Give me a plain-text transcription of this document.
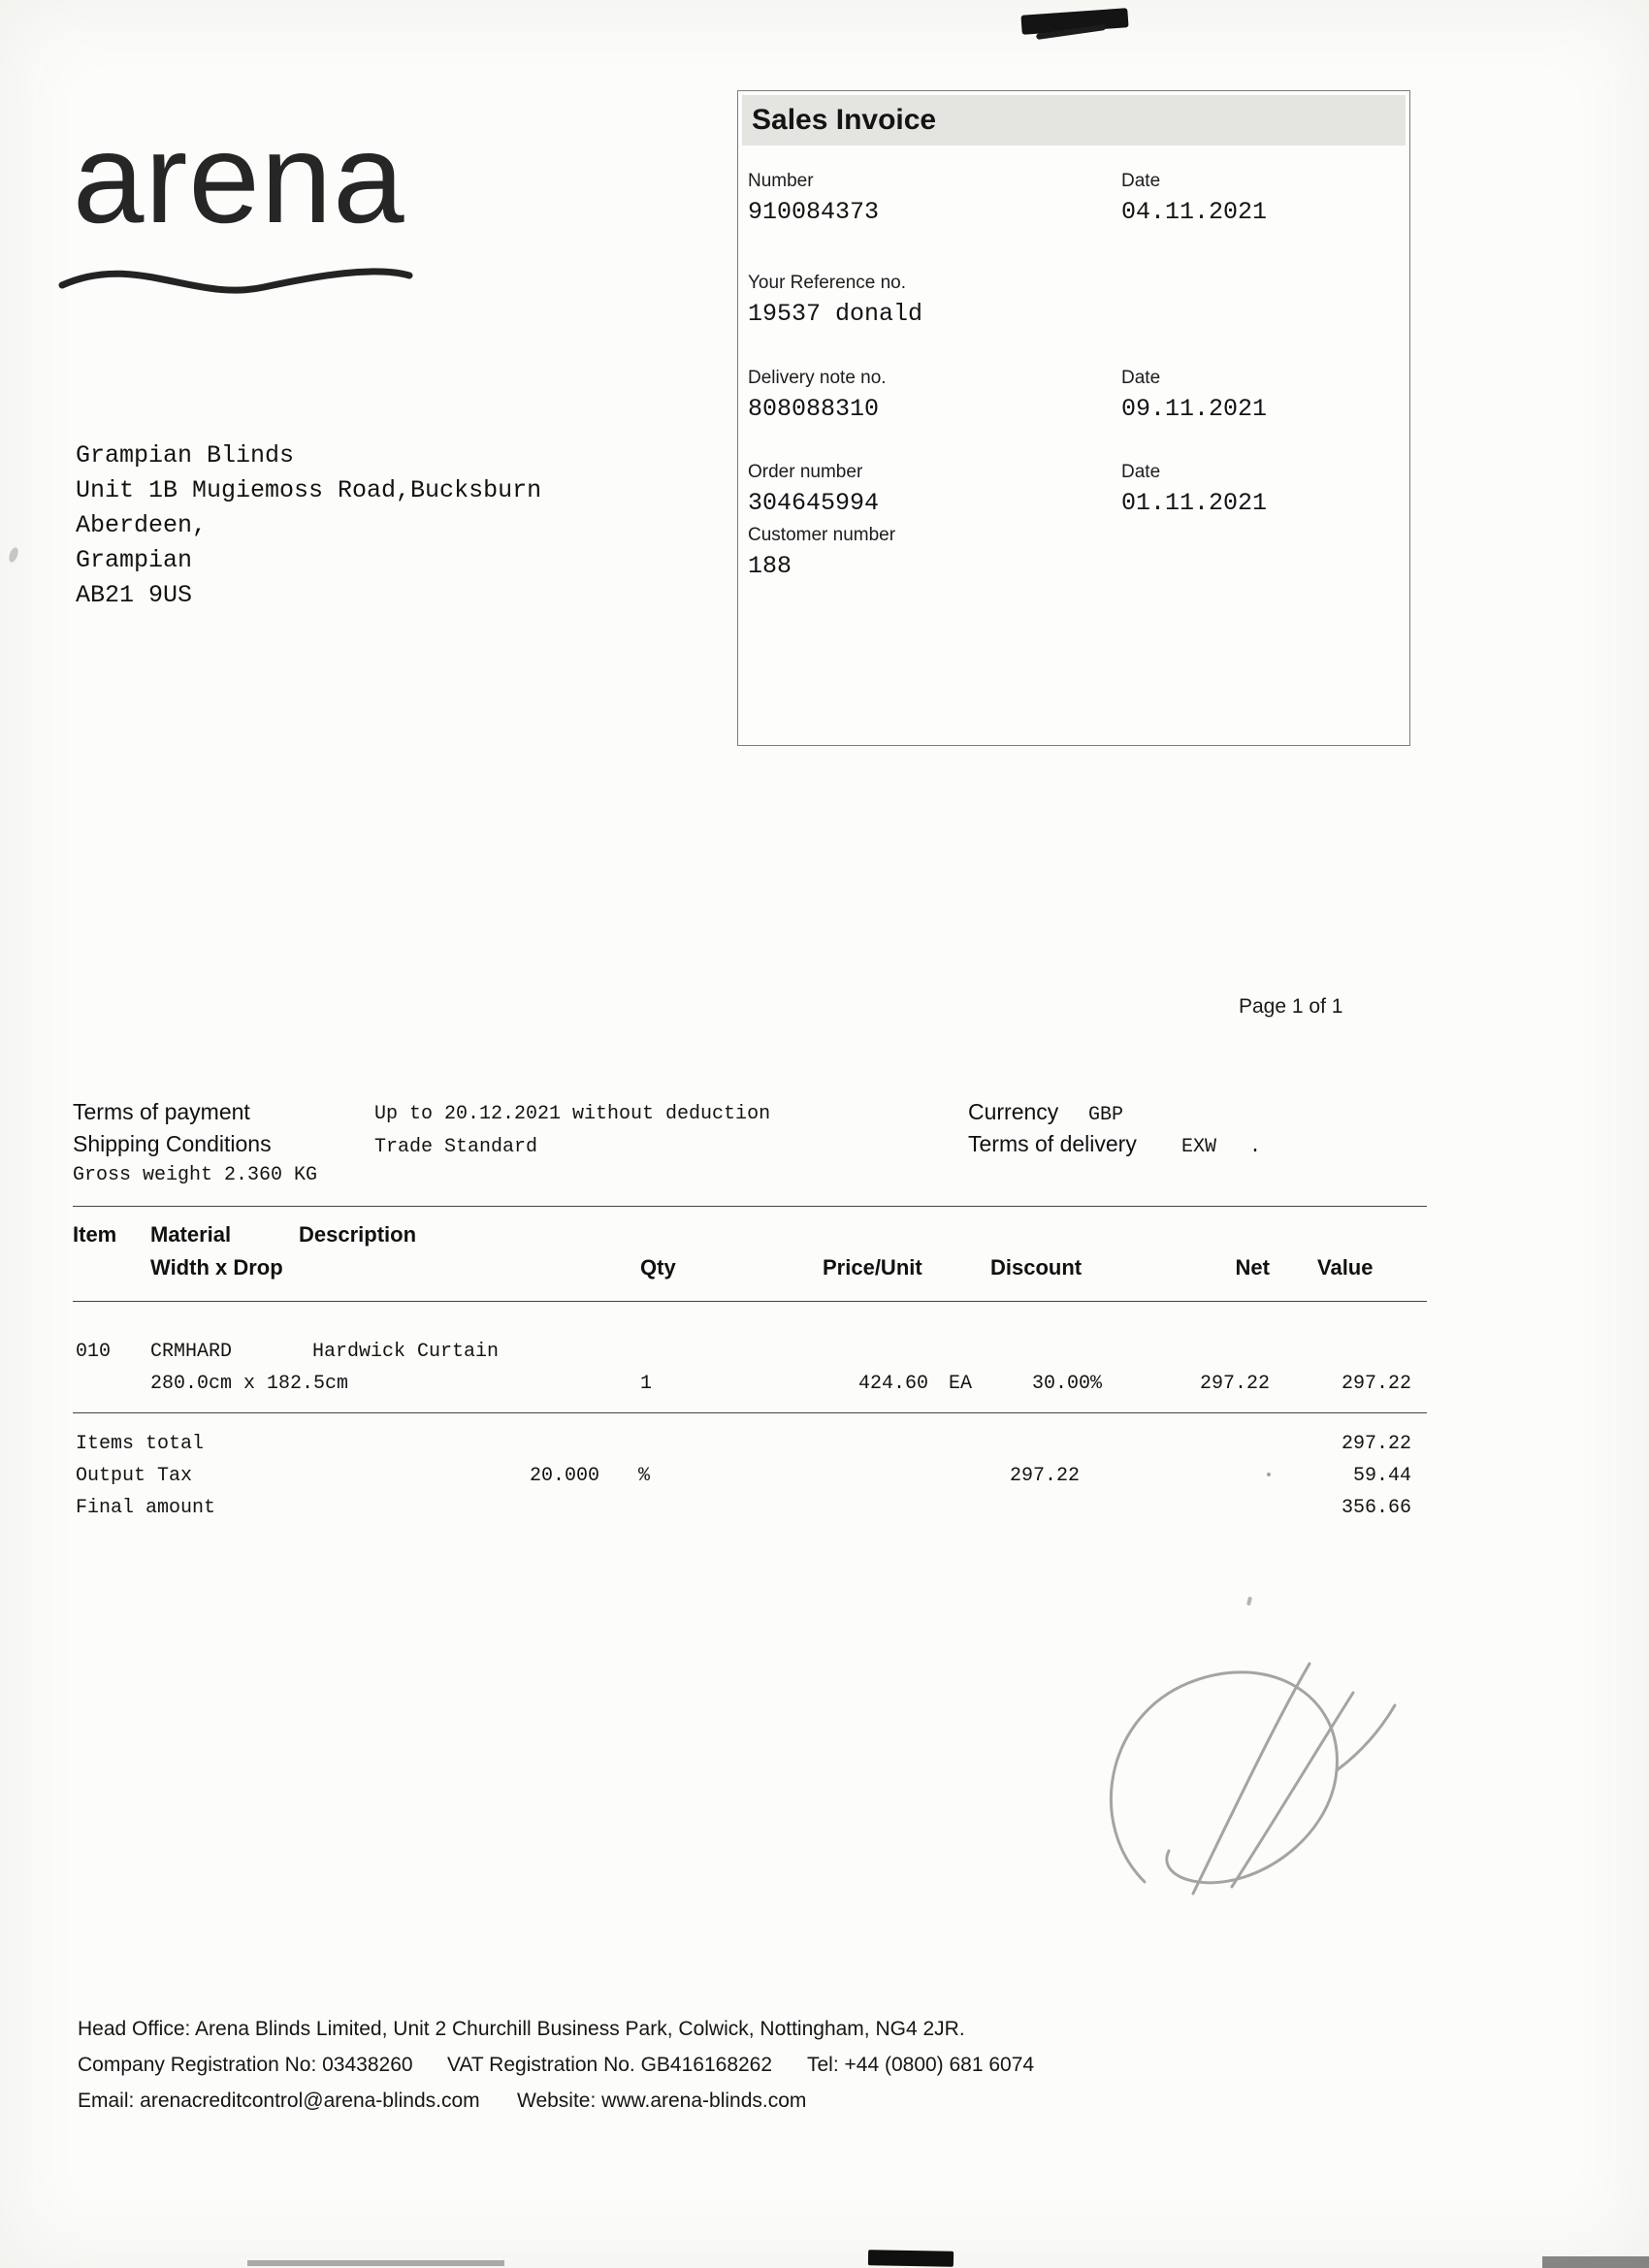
arena	Sales Invoice
Number
910084373
Date
04.11.2021
Your Reference no.
19537 donald
Delivery note no.
808088310
Date
09.11.2021
Order number
304645994
Date
01.11.2021
Customer number
188
Grampian Blinds
Unit 1B Mugiemoss Road,Bucksburn
Aberdeen,
Grampian
AB21 9US
Page 1 of 1
Terms of payment	Up to 20.12.2021 without deduction	Currency GBP
Shipping Conditions	Trade Standard	Terms of delivery EXW .
Gross weight 2.360 KG
Item Material	Description
Width x Drop	Qty	Price/Unit	Discount	Net Value
010 CRMHARD	Hardwick Curtain
280.0cm x 182.5cm	1	424.60 EA	30.00%	297.22	297.22
Items total	297.22
Output Tax	20.000 %	297.22	59.44
Final amount	356.66
Head Office: Arena Blinds Limited, Unit 2 Churchill Business Park, Colwick, Nottingham, NG4 2JR.
Company Registration No: 03438260 VAT Registration No. GB416168262 Tel: +44 (0800) 681 6074
Email: arenacreditcontrol@arena-blinds.com Website: www.arena-blinds.com
